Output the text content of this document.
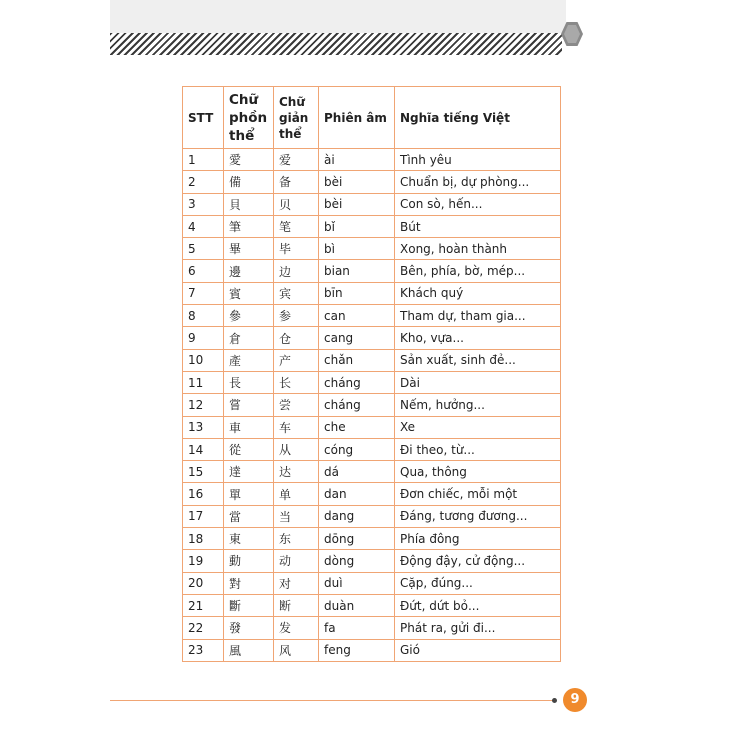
STT	Chữ phồn thể	Chữ giản thể	Phiên âm	Nghĩa tiếng Việt
1	愛	爱	ài	Tình yêu
2	備	备	bèi	Chuẩn bị, dự phòng...
3	貝	贝	bèi	Con sò, hến...
4	筆	笔	bǐ	Bút
5	畢	毕	bì	Xong, hoàn thành
6	邊	边	bian	Bên, phía, bờ, mép...
7	賓	宾	bīn	Khách quý
8	參	参	can	Tham dự, tham gia...
9	倉	仓	cang	Kho, vựa...
10	產	产	chǎn	Sản xuất, sinh đẻ...
11	長	长	cháng	Dài
12	嘗	尝	cháng	Nếm, hưởng...
13	車	车	che	Xe
14	從	从	cóng	Đi theo, từ...
15	達	达	dá	Qua, thông
16	單	单	dan	Đơn chiếc, mỗi một
17	當	当	dang	Đáng, tương đương...
18	東	东	dōng	Phía đông
19	動	动	dòng	Động đậy, cử động...
20	對	对	duì	Cặp, đúng...
21	斷	断	duàn	Đứt, dứt bỏ...
22	發	发	fa	Phát ra, gửi đi...
23	風	风	feng	Gió
9
